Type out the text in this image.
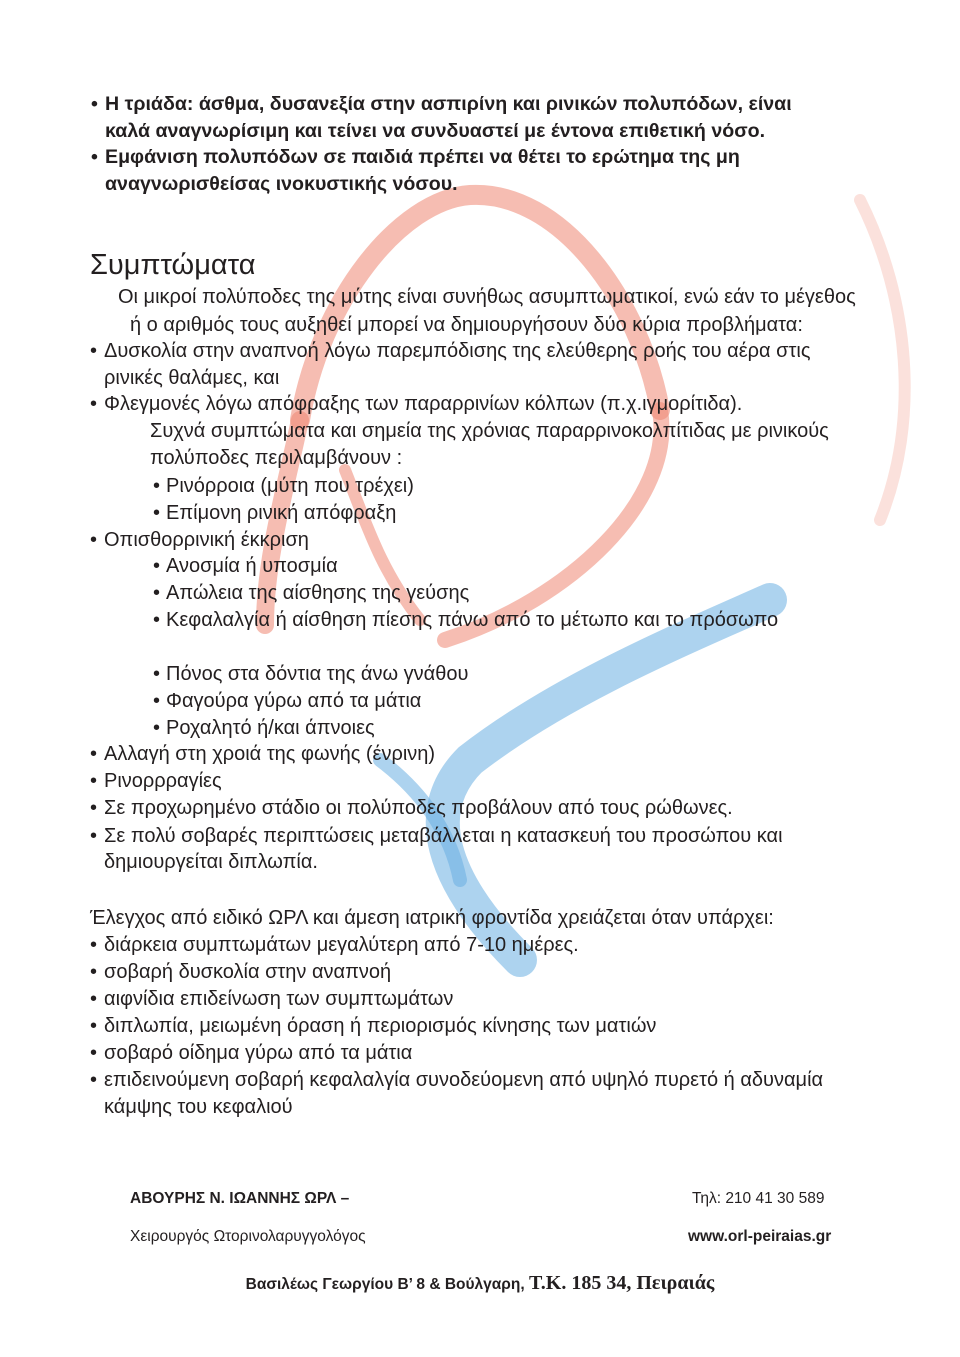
• Η τριάδα: άσθμα, δυσανεξία στην ασπιρίνη και ρινικών πολυπόδων, είναι
καλά αναγνωρίσιμη και τείνει να συνδυαστεί με έντονα επιθετική νόσο.
• Εμφάνιση πολυπόδων σε παιδιά πρέπει να θέτει το ερώτημα της μη
αναγνωρισθείσας ινοκυστικής νόσου.
Συμπτώματα
Οι μικροί πολύποδες της μύτης είναι συνήθως ασυμπτωματικοί, ενώ εάν το μέγεθος
ή ο αριθμός τους αυξηθεί μπορεί να δημιουργήσουν δύο κύρια προβλήματα:
• Δυσκολία στην αναπνοή λόγω παρεμπόδισης της ελεύθερης ροής του αέρα στις
ρινικές θαλάμες, και
• Φλεγμονές λόγω απόφραξης των παραρρινίων κόλπων (π.χ.ιγμορίτιδα).
Συχνά συμπτώματα και σημεία της χρόνιας παραρρινοκολπίτιδας με ρινικούς
πολύποδες περιλαμβάνουν :
• Ρινόρροια (μύτη που τρέχει)
• Επίμονη ρινική απόφραξη
• Οπισθορρινική έκκριση
• Ανοσμία ή υποσμία
• Απώλεια της αίσθησης της γεύσης
• Κεφαλαλγία ή αίσθηση πίεσης πάνω από το μέτωπο και το πρόσωπο
• Πόνος στα δόντια της άνω γνάθου
• Φαγούρα γύρω από τα μάτια
• Ροχαλητό ή/και άπνοιες
• Αλλαγή στη χροιά της φωνής (ένρινη)
• Ρινορρραγίες
• Σε προχωρημένο στάδιο οι πολύποδες προβάλουν από τους ρώθωνες.
• Σε πολύ σοβαρές περιπτώσεις μεταβάλλεται η κατασκευή του προσώπου και
δημιουργείται διπλωπία.
Έλεγχος από ειδικό ΩΡΛ και άμεση ιατρική φροντίδα χρειάζεται όταν υπάρχει:
• διάρκεια συμπτωμάτων μεγαλύτερη από 7-10 ημέρες.
• σοβαρή δυσκολία στην αναπνοή
• αιφνίδια επιδείνωση των συμπτωμάτων
• διπλωπία, μειωμένη όραση ή περιορισμός κίνησης των ματιών
• σοβαρό οίδημα γύρω από τα μάτια
• επιδεινούμενη σοβαρή κεφαλαλγία συνοδεύομενη από υψηλό πυρετό ή αδυναμία
κάμψης του κεφαλιού
ΑΒΟΥΡΗΣ Ν. ΙΩΑΝΝΗΣ ΩΡΛ –	Τηλ: 210 41 30 589
Χειρουργός Ωτορινολαρυγγολόγος	www.orl-peiraias.gr
Βασιλέως Γεωργίου Β’ 8 & Βούλγαρη, Τ.Κ. 185 34, Πειραιάς
